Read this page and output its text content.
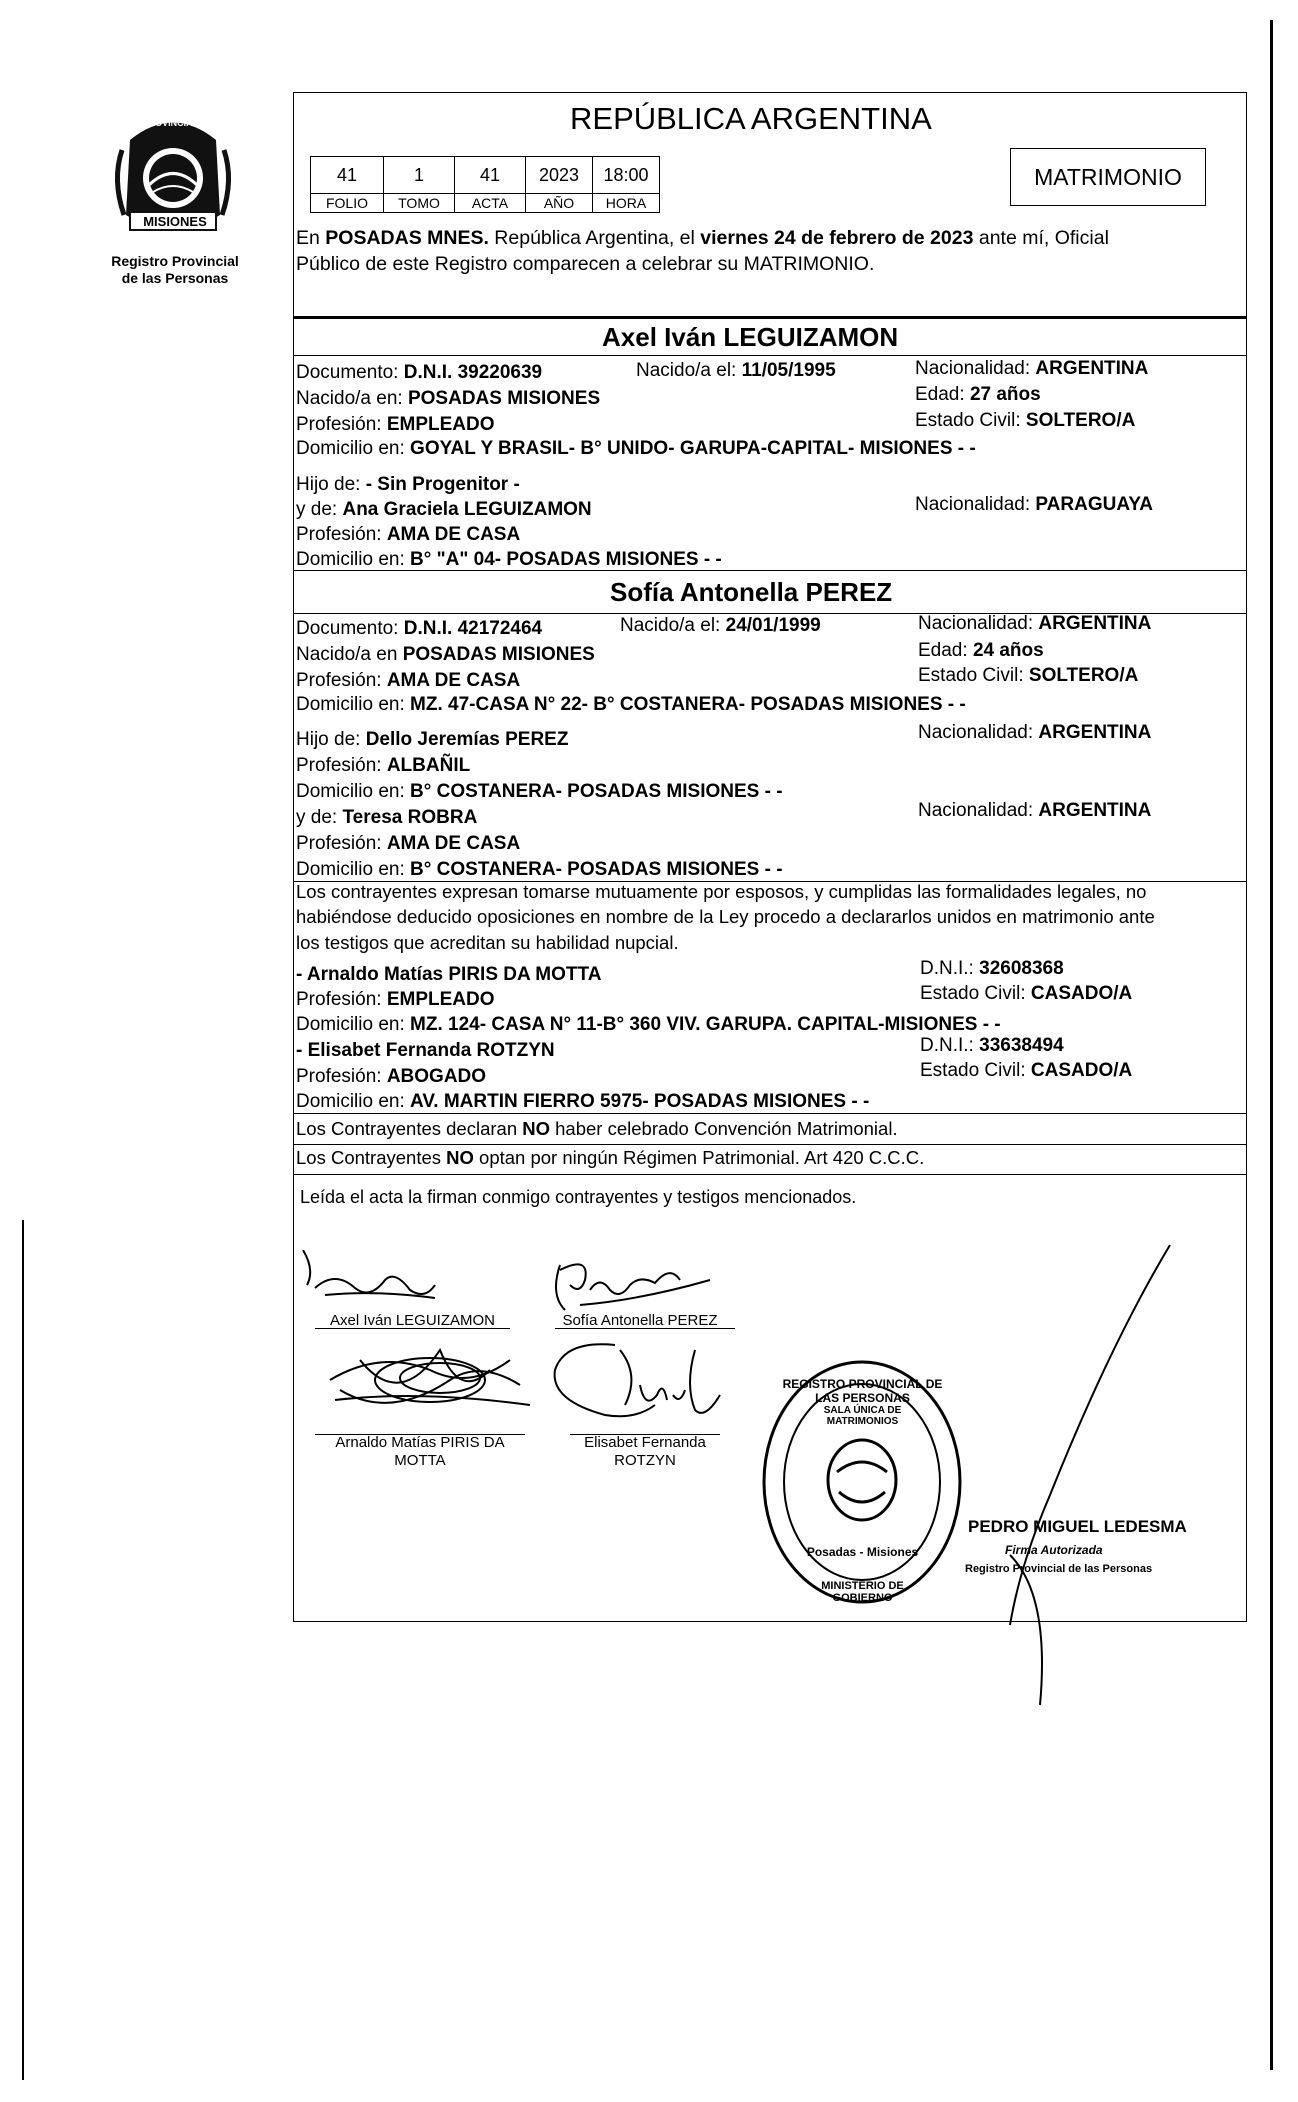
PROVINCIA DE
MISIONES
Registro Provincial
de las Personas
REPÚBLICA ARGENTINA
41	1	41	2023	18:00
FOLIO	TOMO	ACTA	AÑO	HORA
MATRIMONIO
En POSADAS MNES. República Argentina, el viernes 24 de febrero de 2023 ante mí, Oficial
Público de este Registro comparecen a celebrar su MATRIMONIO.
Axel Iván LEGUIZAMON
Documento: D.N.I. 39220639	Nacido/a el: 11/05/1995	Nacionalidad: ARGENTINA
Nacido/a en: POSADAS MISIONES	Edad: 27 años
Profesión: EMPLEADO	Estado Civil: SOLTERO/A
Domicilio en: GOYAL Y BRASIL- B° UNIDO- GARUPA-CAPITAL- MISIONES - -
Hijo de: - Sin Progenitor -
y de: Ana Graciela LEGUIZAMON	Nacionalidad: PARAGUAYA
Profesión: AMA DE CASA
Domicilio en: B° "A" 04- POSADAS MISIONES - -
Sofía Antonella PEREZ
Documento: D.N.I. 42172464	Nacido/a el: 24/01/1999	Nacionalidad: ARGENTINA
Nacido/a en POSADAS MISIONES	Edad: 24 años
Profesión: AMA DE CASA	Estado Civil: SOLTERO/A
Domicilio en: MZ. 47-CASA N° 22- B° COSTANERA- POSADAS MISIONES - -
Hijo de: Dello Jeremías PEREZ	Nacionalidad: ARGENTINA
Profesión: ALBAÑIL
Domicilio en: B° COSTANERA- POSADAS MISIONES - -
y de: Teresa ROBRA	Nacionalidad: ARGENTINA
Profesión: AMA DE CASA
Domicilio en: B° COSTANERA- POSADAS MISIONES - -
Los contrayentes expresan tomarse mutuamente por esposos, y cumplidas las formalidades legales, no
habiéndose deducido oposiciones en nombre de la Ley procedo a declararlos unidos en matrimonio ante
los testigos que acreditan su habilidad nupcial.
- Arnaldo Matías PIRIS DA MOTTA	D.N.I.: 32608368
Profesión: EMPLEADO	Estado Civil: CASADO/A
Domicilio en: MZ. 124- CASA N° 11-B° 360 VIV. GARUPA. CAPITAL-MISIONES - -
- Elisabet Fernanda ROTZYN	D.N.I.: 33638494
Profesión: ABOGADO	Estado Civil: CASADO/A
Domicilio en: AV. MARTIN FIERRO 5975- POSADAS MISIONES - -
Los Contrayentes declaran NO haber celebrado Convención Matrimonial.
Los Contrayentes NO optan por ningún Régimen Patrimonial. Art 420 C.C.C.
Leída el acta la firman conmigo contrayentes y testigos mencionados.
Axel Iván LEGUIZAMON	Sofía Antonella PEREZ
Arnaldo Matías PIRIS DA
MOTTA
Elisabet Fernanda
ROTZYN
REGISTRO PROVINCIAL DE LAS PERSONAS
SALA ÚNICA DE MATRIMONIOS
Posadas - Misiones
MINISTERIO DE GOBIERNO
PEDRO MIGUEL LEDESMA
Firma Autorizada
Registro Provincial de las Personas
